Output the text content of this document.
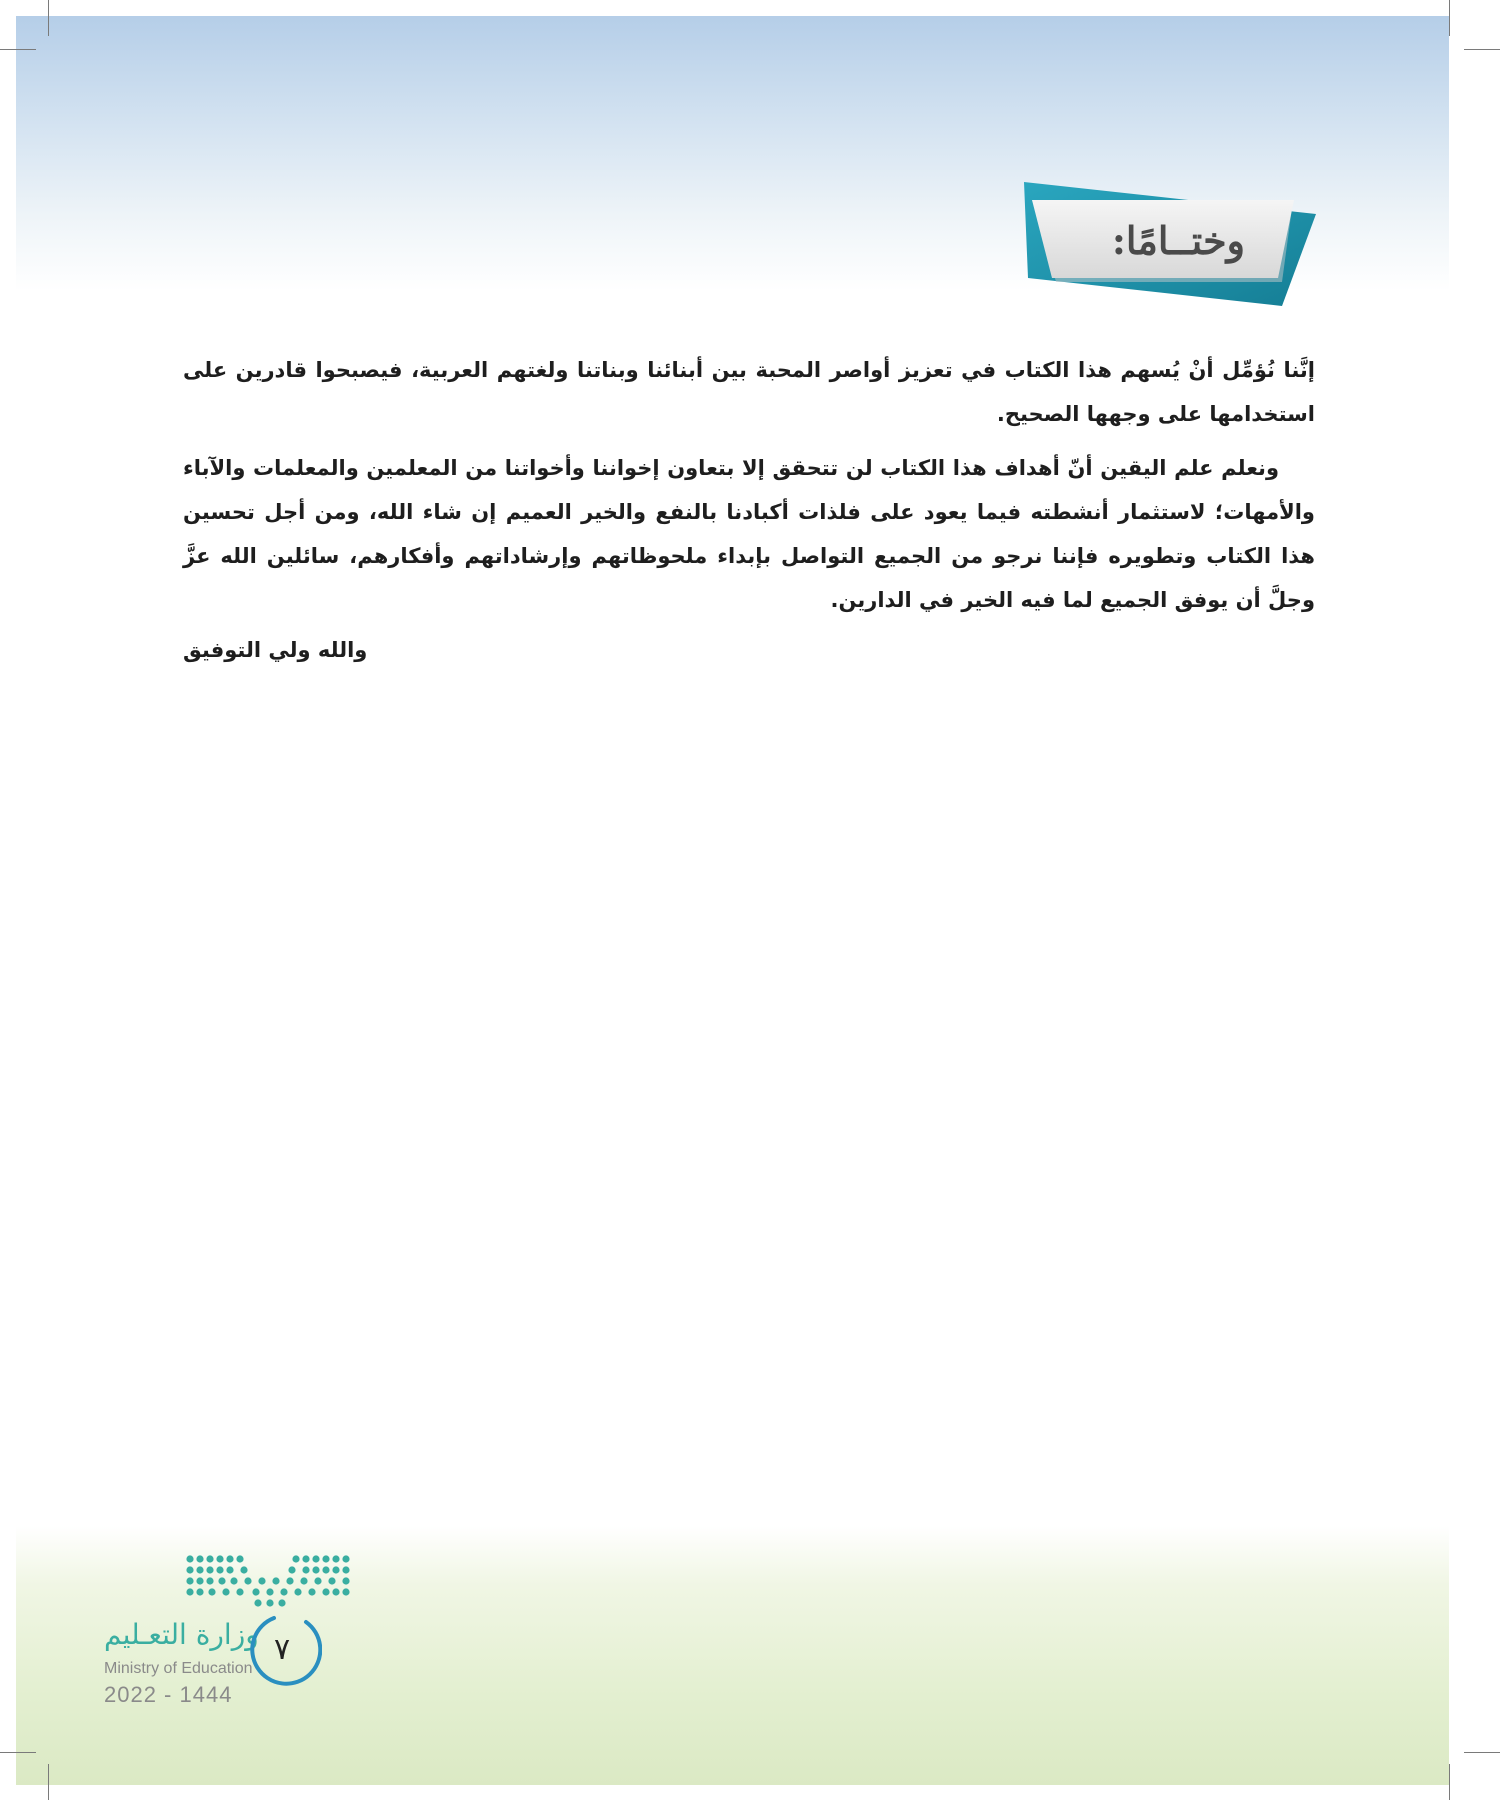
وختــامًا:

إنَّنا نُؤمِّل أنْ يُسهم هذا الكتاب في تعزيز أواصر المحبة بين أبنائنا وبناتنا ولغتهم العربية، فيصبحوا قادرين على استخدامها على وجهها الصحيح.

ونعلم علم اليقين أنّ أهداف هذا الكتاب لن تتحقق إلا بتعاون إخواننا وأخواتنا من المعلمين والمعلمات والآباء والأمهات؛ لاستثمار أنشطته فيما يعود على فلذات أكبادنا بالنفع والخير العميم إن شاء الله، ومن أجل تحسين هذا الكتاب وتطويره فإننا نرجو من الجميع التواصل بإبداء ملحوظاتهم وإرشاداتهم وأفكارهم، سائلين الله عزَّ وجلَّ أن يوفق الجميع لما فيه الخير في الدارين.

والله ولي التوفيق
وزارة التعـليم
Ministry of Education
2022 - 1444
٧
